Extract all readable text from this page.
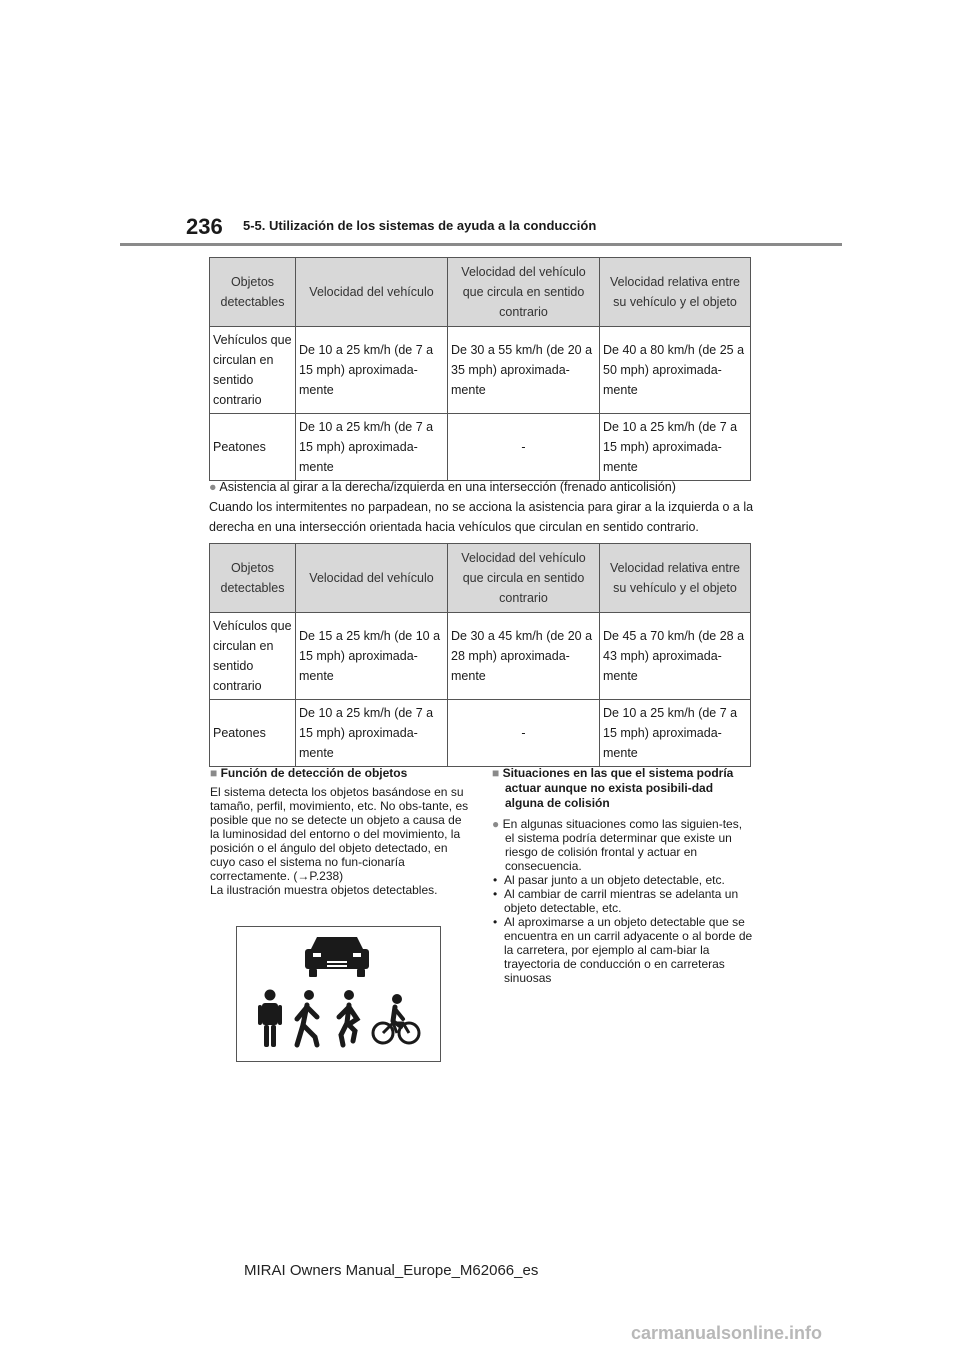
236 5-5. Utilización de los sistemas de ayuda a la conducción
Objetos detectables	Velocidad del vehículo	Velocidad del vehículo que circula en sentido contrario	Velocidad relativa entre su vehículo y el objeto
Vehículos que circulan en sentido contrario	De 10 a 25 km/h (de 7 a 15 mph) aproximada-mente	De 30 a 55 km/h (de 20 a 35 mph) aproximada-mente	De 40 a 80 km/h (de 25 a 50 mph) aproximada-mente
Peatones	De 10 a 25 km/h (de 7 a 15 mph) aproximada-mente	-	De 10 a 25 km/h (de 7 a 15 mph) aproximada-mente
● Asistencia al girar a la derecha/izquierda en una intersección (frenado anticolisión)
Cuando los intermitentes no parpadean, no se acciona la asistencia para girar a la izquierda o a la derecha en una intersección orientada hacia vehículos que circulan en sentido contrario.
Objetos detectables	Velocidad del vehículo	Velocidad del vehículo que circula en sentido contrario	Velocidad relativa entre su vehículo y el objeto
Vehículos que circulan en sentido contrario	De 15 a 25 km/h (de 10 a 15 mph) aproximada-mente	De 30 a 45 km/h (de 20 a 28 mph) aproximada-mente	De 45 a 70 km/h (de 28 a 43 mph) aproximada-mente
Peatones	De 10 a 25 km/h (de 7 a 15 mph) aproximada-mente	-	De 10 a 25 km/h (de 7 a 15 mph) aproximada-mente
■ Función de detección de objetos

El sistema detecta los objetos basándose en su tamaño, perfil, movimiento, etc. No obs-tante, es posible que no se detecte un objeto a causa de la luminosidad del entorno o del movimiento, la posición o el ángulo del objeto detectado, en cuyo caso el sistema no fun-cionaría correctamente. (→P.238)

La ilustración muestra objetos detectables.

■ Situaciones en las que el sistema podría actuar aunque no exista posibili-dad alguna de colisión

● En algunas situaciones como las siguien-tes, el sistema podría determinar que existe un riesgo de colisión frontal y actuar en consecuencia.

• Al pasar junto a un objeto detectable, etc.
• Al cambiar de carril mientras se adelanta un objeto detectable, etc.
• Al aproximarse a un objeto detectable que se encuentra en un carril adyacente o al borde de la carretera, por ejemplo al cam-biar la trayectoria de conducción o en carreteras sinuosas
MIRAI Owners Manual_Europe_M62066_es
carmanualsonline.info
